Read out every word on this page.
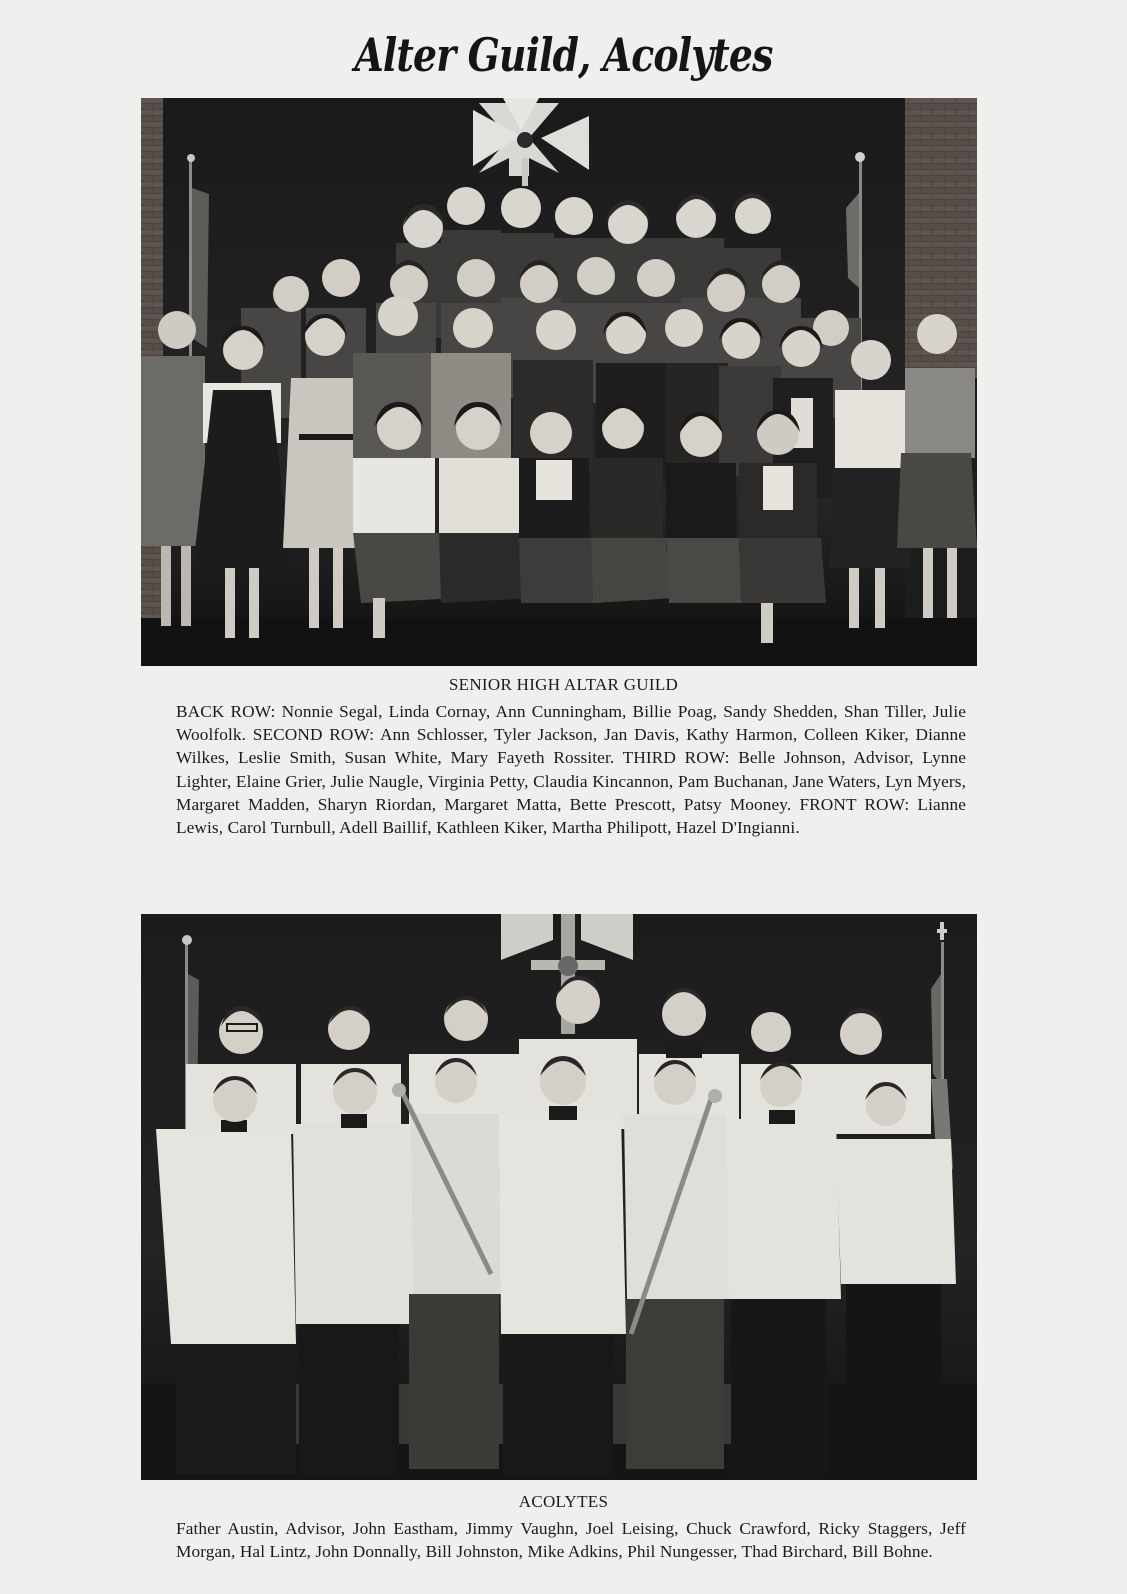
Alter Guild, Acolytes
SENIOR HIGH ALTAR GUILD
BACK ROW: Nonnie Segal, Linda Cornay, Ann Cunningham, Billie Poag, Sandy Shedden, Shan Tiller, Julie Woolfolk. SECOND ROW: Ann Schlosser, Tyler Jackson, Jan Davis, Kathy Harmon, Colleen Kiker, Dianne Wilkes, Leslie Smith, Susan White, Mary Fayeth Rossiter. THIRD ROW: Belle Johnson, Advisor, Lynne Lighter, Elaine Grier, Julie Naugle, Virginia Petty, Claudia Kincannon, Pam Buchanan, Jane Waters, Lyn Myers, Margaret Madden, Sharyn Riordan, Margaret Matta, Bette Prescott, Patsy Mooney. FRONT ROW: Lianne Lewis, Carol Turnbull, Adell Baillif, Kathleen Kiker, Martha Philipott, Hazel D'Ingianni.
ACOLYTES
Father Austin, Advisor, John Eastham, Jimmy Vaughn, Joel Leising, Chuck Crawford, Ricky Staggers, Jeff Morgan, Hal Lintz, John Donnally, Bill Johnston, Mike Adkins, Phil Nungesser, Thad Birchard, Bill Bohne.
